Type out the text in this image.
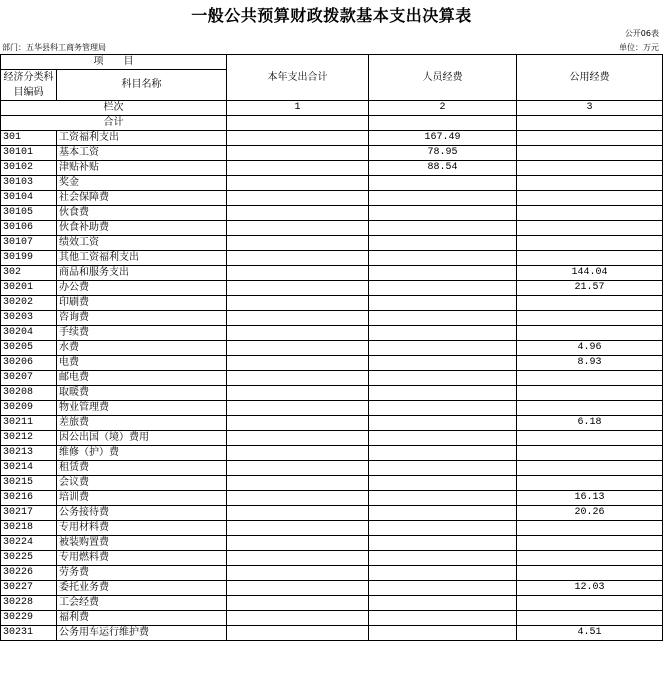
一般公共预算财政拨款基本支出决算表
公开06表
部门：五华县科工商务管理局	单位：万元
项　　目		本年支出合计	人员经费	公用经费
经济分类科目编码	科目名称			
栏次		1	2	3
合计				
301	工资福利支出		167.49	
30101	基本工资		78.95	
30102	津贴补贴		88.54	
30103	奖金			
30104	社会保障费			
30105	伙食费			
30106	伙食补助费			
30107	绩效工资			
30199	其他工资福利支出			
302	商品和服务支出			144.04
30201	办公费			21.57
30202	印刷费			
30203	咨询费			
30204	手续费			
30205	水费			4.96
30206	电费			8.93
30207	邮电费			
30208	取暖费			
30209	物业管理费			
30211	差旅费			6.18
30212	因公出国（境）费用			
30213	维修（护）费			
30214	租赁费			
30215	会议费			
30216	培训费			16.13
30217	公务接待费			20.26
30218	专用材料费			
30224	被装购置费			
30225	专用燃料费			
30226	劳务费			
30227	委托业务费			12.03
30228	工会经费			
30229	福利费			
30231	公务用车运行维护费			4.51
